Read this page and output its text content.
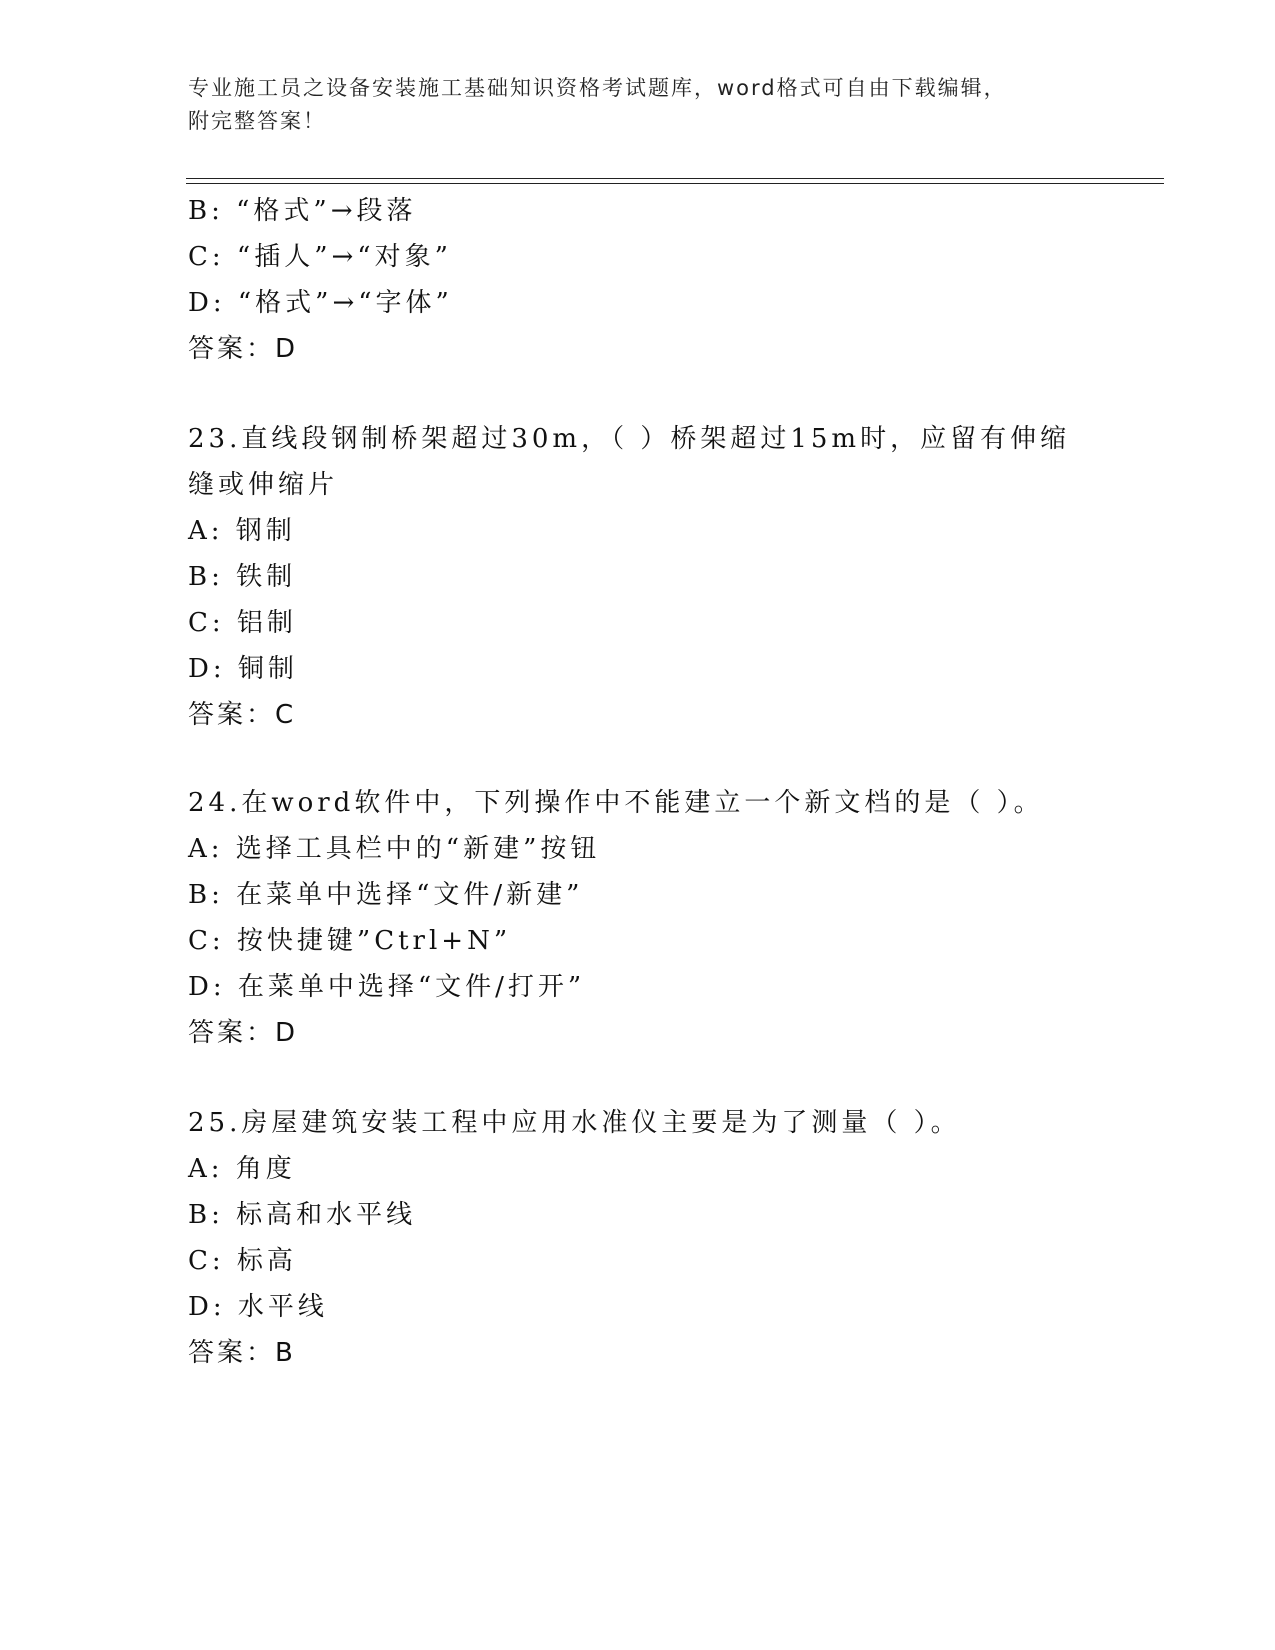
专业施工员之设备安装施工基础知识资格考试题库，word格式可自由下载编辑，
附完整答案！
B: “格式”→段落
C: “插人”→“对象”
D: “格式”→“字体”
答案：D
23.直线段钢制桥架超过30m，（ ）桥架超过15m时，应留有伸缩缝或伸缩片
A: 钢制
B: 铁制
C: 铝制
D: 铜制
答案：C
24.在word软件中，下列操作中不能建立一个新文档的是（ ）。
A: 选择工具栏中的“新建”按钮
B: 在菜单中选择“文件/新建”
C: 按快捷键”Ctrl+N”
D: 在菜单中选择“文件/打开”
答案：D
25.房屋建筑安装工程中应用水准仪主要是为了测量（ ）。
A: 角度
B: 标高和水平线
C: 标高
D: 水平线
答案：B
